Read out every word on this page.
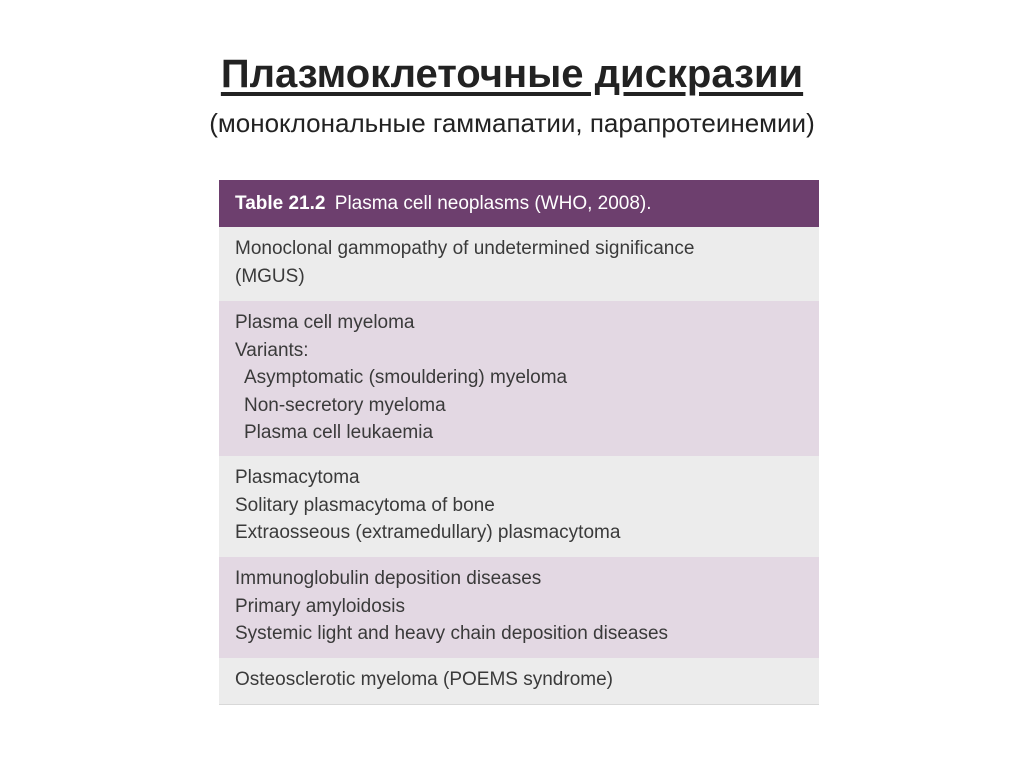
Плазмоклеточные дискразии

(моноклональные гаммапатии, парапротеинемии)

Table 21.2 Plasma cell neoplasms (WHO, 2008).
Monoclonal gammopathy of undetermined significance
(MGUS)
Plasma cell myeloma
Variants:
Asymptomatic (smouldering) myeloma
Non-secretory myeloma
Plasma cell leukaemia
Plasmacytoma
Solitary plasmacytoma of bone
Extraosseous (extramedullary) plasmacytoma
Immunoglobulin deposition diseases
Primary amyloidosis
Systemic light and heavy chain deposition diseases
Osteosclerotic myeloma (POEMS syndrome)
